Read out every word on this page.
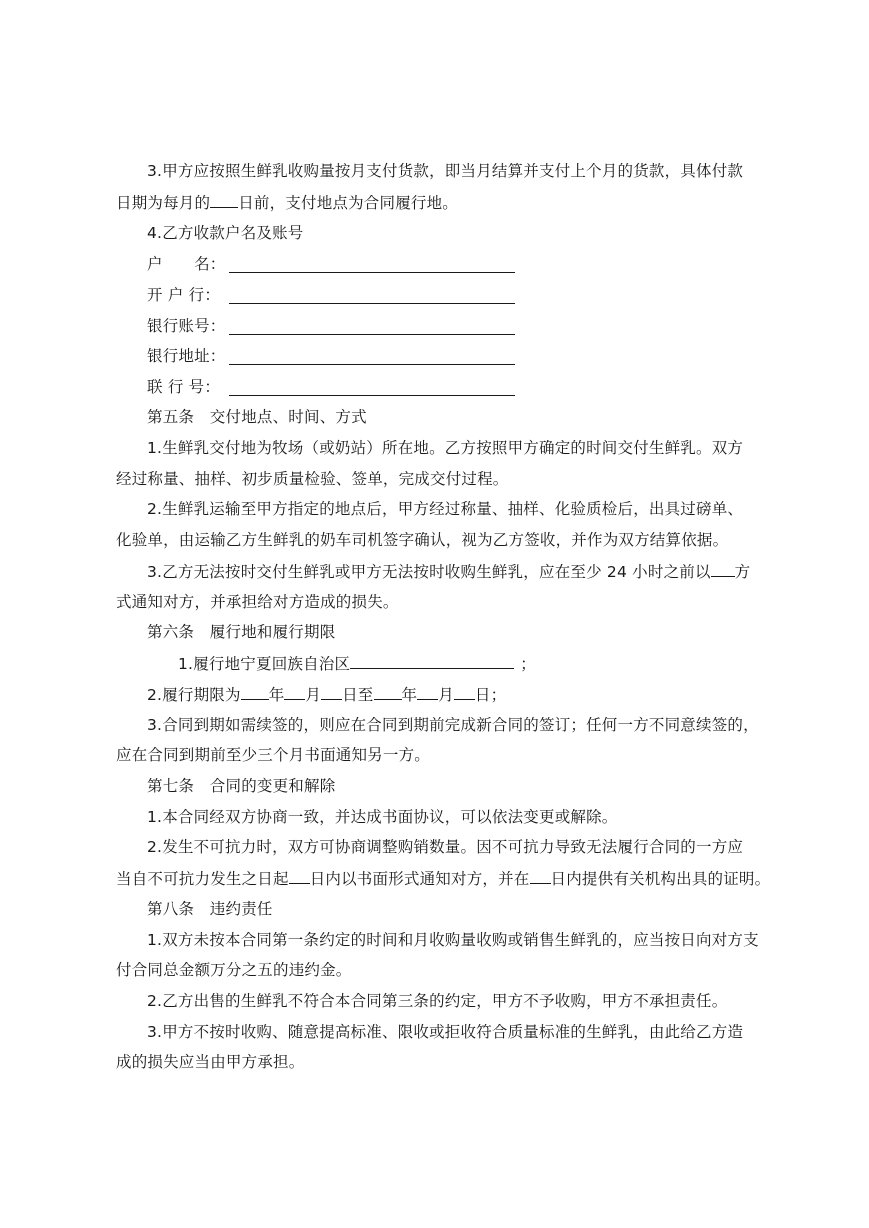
3.甲方应按照生鲜乳收购量按月支付货款，即当月结算并支付上个月的货款，具体付款
日期为每月的 日前，支付地点为合同履行地。
4.乙方收款户名及账号
户　　名：
开 户 行：
银行账号：
银行地址：
联 行 号：
第五条　交付地点、时间、方式
1.生鲜乳交付地为牧场（或奶站）所在地。乙方按照甲方确定的时间交付生鲜乳。双方
经过称量、抽样、初步质量检验、签单，完成交付过程。
2.生鲜乳运输至甲方指定的地点后，甲方经过称量、抽样、化验质检后，出具过磅单、
化验单，由运输乙方生鲜乳的奶车司机签字确认，视为乙方签收，并作为双方结算依据。
3.乙方无法按时交付生鲜乳或甲方无法按时收购生鲜乳，应在至少 24 小时之前以 方
式通知对方，并承担给对方造成的损失。
第六条　履行地和履行期限
1.履行地宁夏回族自治区	；
2.履行期限为 年 月 日至 年 月 日；
3.合同到期如需续签的，则应在合同到期前完成新合同的签订；任何一方不同意续签的，
应在合同到期前至少三个月书面通知另一方。
第七条　合同的变更和解除
1.本合同经双方协商一致，并达成书面协议，可以依法变更或解除。
2.发生不可抗力时，双方可协商调整购销数量。因不可抗力导致无法履行合同的一方应
当自不可抗力发生之日起 日内以书面形式通知对方，并在 日内提供有关机构出具的证明。
第八条　违约责任
1.双方未按本合同第一条约定的时间和月收购量收购或销售生鲜乳的，应当按日向对方支
付合同总金额万分之五的违约金。
2.乙方出售的生鲜乳不符合本合同第三条的约定，甲方不予收购，甲方不承担责任。
3.甲方不按时收购、随意提高标准、限收或拒收符合质量标准的生鲜乳，由此给乙方造
成的损失应当由甲方承担。
